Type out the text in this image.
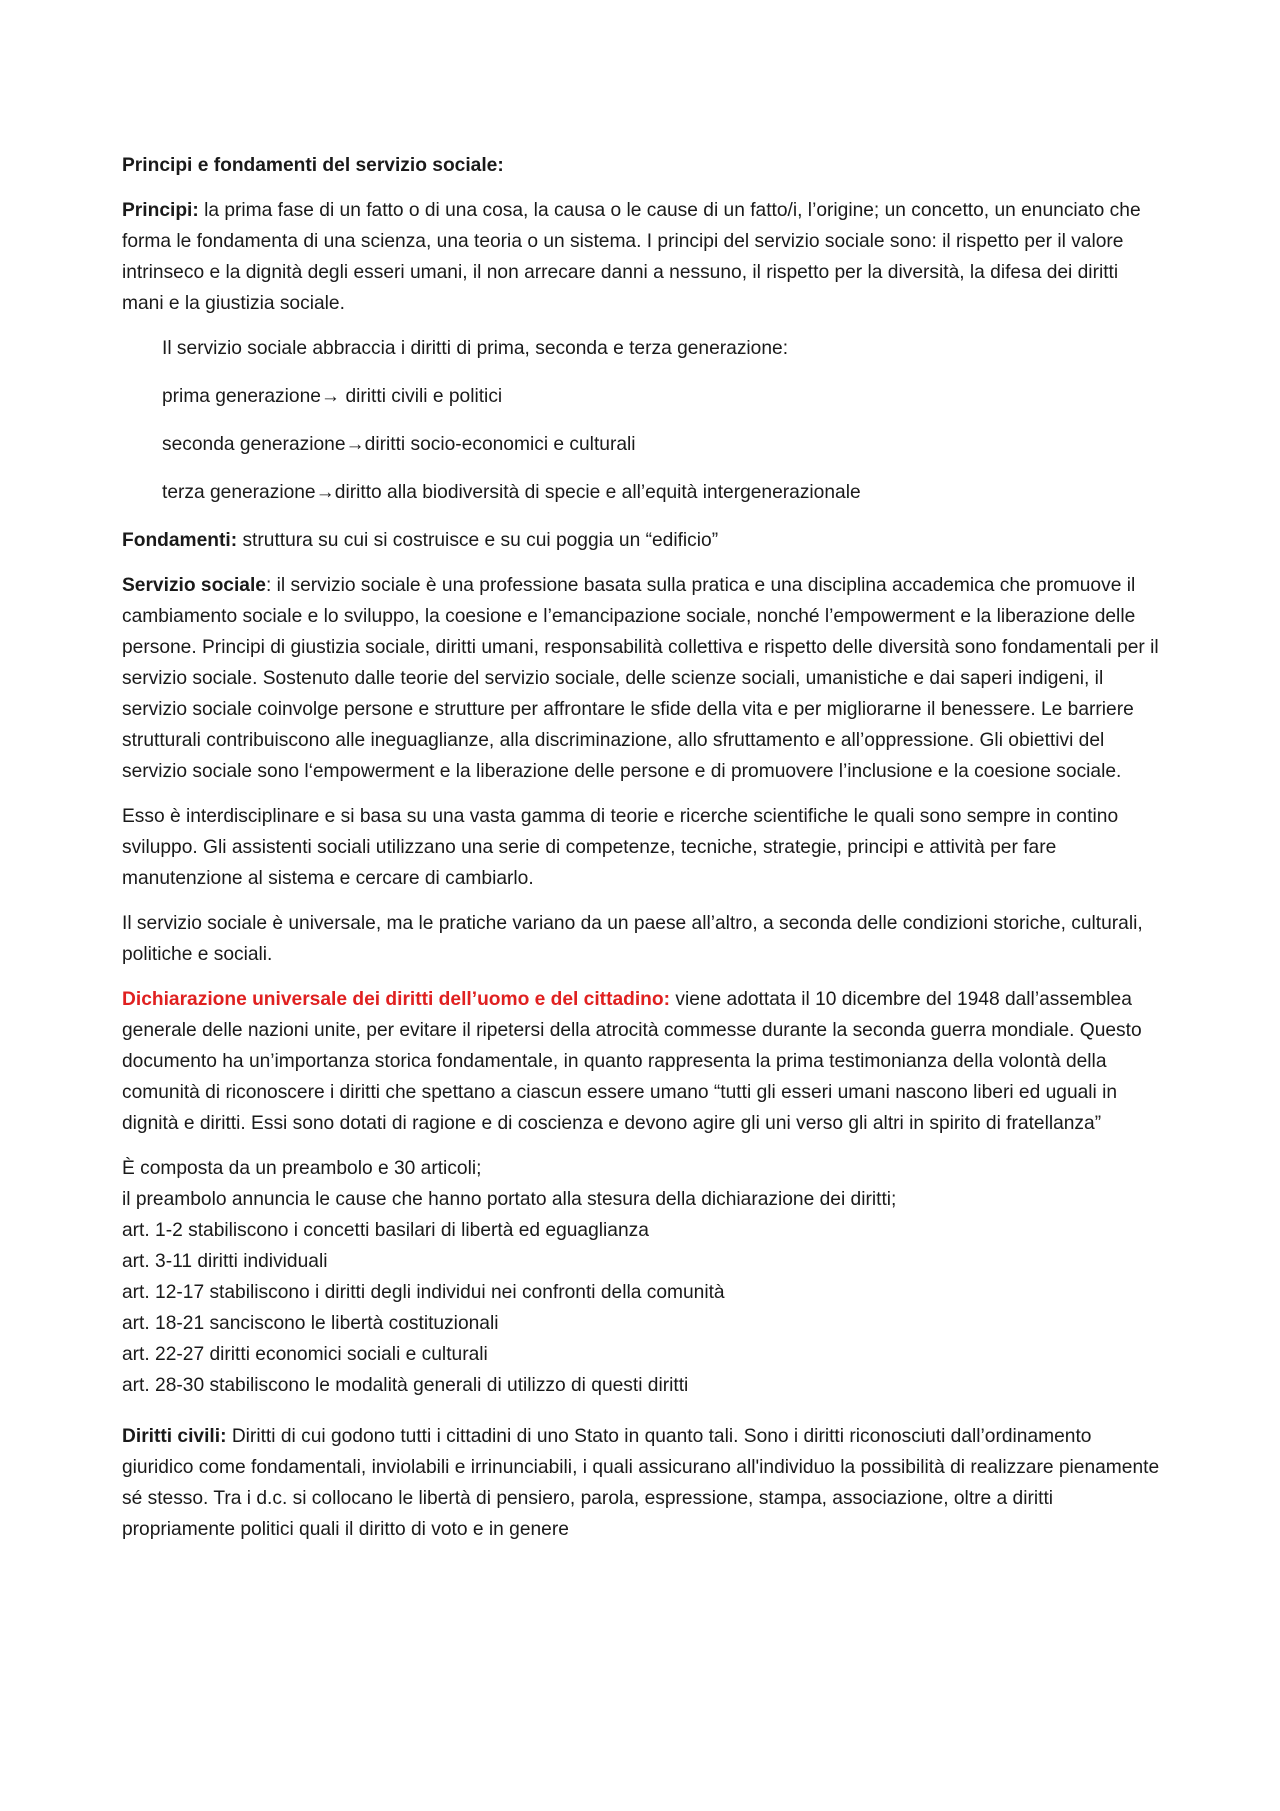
Principi e fondamenti del servizio sociale:

Principi: la prima fase di un fatto o di una cosa, la causa o le cause di un fatto/i, l’origine; un concetto, un enunciato che forma le fondamenta di una scienza, una teoria o un sistema. I principi del servizio sociale sono: il rispetto per il valore intrinseco e la dignità degli esseri umani, il non arrecare danni a nessuno, il rispetto per la diversità, la difesa dei diritti mani e la giustizia sociale.

Il servizio sociale abbraccia i diritti di prima, seconda e terza generazione:

prima generazione→ diritti civili e politici

seconda generazione→diritti socio-economici e culturali

terza generazione→diritto alla biodiversità di specie e all’equità intergenerazionale

Fondamenti: struttura su cui si costruisce e su cui poggia un “edificio”

Servizio sociale: il servizio sociale è una professione basata sulla pratica e una disciplina accademica che promuove il cambiamento sociale e lo sviluppo, la coesione e l’emancipazione sociale, nonché l’empowerment e la liberazione delle persone. Principi di giustizia sociale, diritti umani, responsabilità collettiva e rispetto delle diversità sono fondamentali per il servizio sociale. Sostenuto dalle teorie del servizio sociale, delle scienze sociali, umanistiche e dai saperi indigeni, il servizio sociale coinvolge persone e strutture per affrontare le sfide della vita e per migliorarne il benessere. Le barriere strutturali contribuiscono alle ineguaglianze, alla discriminazione, allo sfruttamento e all’oppressione. Gli obiettivi del servizio sociale sono l‘empowerment e la liberazione delle persone e di promuovere l’inclusione e la coesione sociale.

Esso è interdisciplinare e si basa su una vasta gamma di teorie e ricerche scientifiche le quali sono sempre in contino sviluppo. Gli assistenti sociali utilizzano una serie di competenze, tecniche, strategie, principi e attività per fare manutenzione al sistema e cercare di cambiarlo.

Il servizio sociale è universale, ma le pratiche variano da un paese all’altro, a seconda delle condizioni storiche, culturali, politiche e sociali.

Dichiarazione universale dei diritti dell’uomo e del cittadino: viene adottata il 10 dicembre del 1948 dall’assemblea generale delle nazioni unite, per evitare il ripetersi della atrocità commesse durante la seconda guerra mondiale. Questo documento ha un’importanza storica fondamentale, in quanto rappresenta la prima testimonianza della volontà della comunità di riconoscere i diritti che spettano a ciascun essere umano “tutti gli esseri umani nascono liberi ed uguali in dignità e diritti. Essi sono dotati di ragione e di coscienza e devono agire gli uni verso gli altri in spirito di fratellanza”

È composta da un preambolo e 30 articoli;

il preambolo annuncia le cause che hanno portato alla stesura della dichiarazione dei diritti;

art. 1-2 stabiliscono i concetti basilari di libertà ed eguaglianza

art. 3-11 diritti individuali

art. 12-17 stabiliscono i diritti degli individui nei confronti della comunità

art. 18-21 sanciscono le libertà costituzionali

art. 22-27 diritti economici sociali e culturali

art. 28-30 stabiliscono le modalità generali di utilizzo di questi diritti

Diritti civili: Diritti di cui godono tutti i cittadini di uno Stato in quanto tali. Sono i diritti riconosciuti dall’ordinamento giuridico come fondamentali, inviolabili e irrinunciabili, i quali assicurano all'individuo la possibilità di realizzare pienamente sé stesso. Tra i d.c. si collocano le libertà di pensiero, parola, espressione, stampa, associazione, oltre a diritti propriamente politici quali il diritto di voto e in genere
